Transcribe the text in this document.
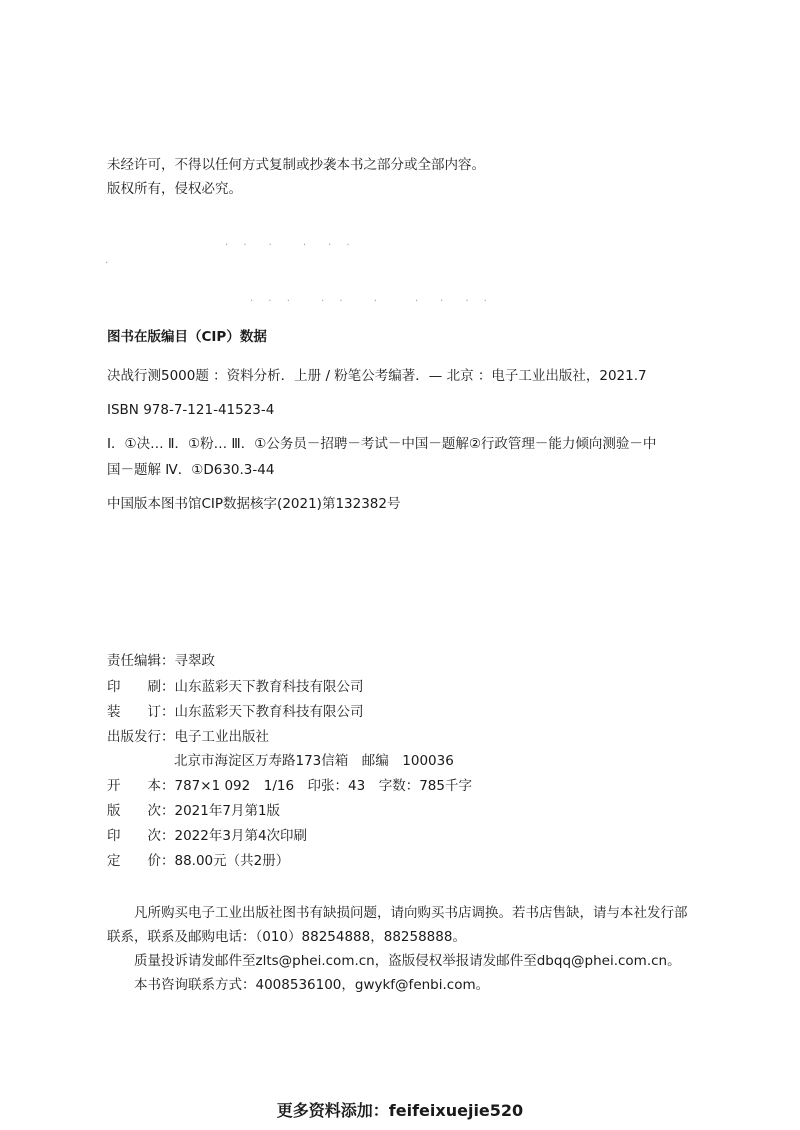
未经许可，不得以任何方式复制或抄袭本书之部分或全部内容。
版权所有，侵权必究。
· ·　·　 ·　· ·
·
· · ·　 · ·　 ·　　·　·　· ·
图书在版编目（CIP）数据
决战行测5000题 ：资料分析．上册 / 粉笔公考编著．— 北京 ：电子工业出版社，2021.7
ISBN 978-7-121-41523-4
Ⅰ．①决… Ⅱ．①粉… Ⅲ．①公务员－招聘－考试－中国－题解②行政管理－能力倾向测验－中
国－题解 Ⅳ．①D630.3-44
中国版本图书馆CIP数据核字(2021)第132382号
责任编辑：寻翠政
印　　刷：山东蓝彩天下教育科技有限公司
装　　订：山东蓝彩天下教育科技有限公司
出版发行：电子工业出版社
北京市海淀区万寿路173信箱　邮编　100036
开　　本：787×1 092　1/16　印张：43　字数：785千字
版　　次：2021年7月第1版
印　　次：2022年3月第4次印刷
定　　价：88.00元（共2册）
凡所购买电子工业出版社图书有缺损问题，请向购买书店调换。若书店售缺，请与本社发行部
联系，联系及邮购电话：（010）88254888，88258888。
质量投诉请发邮件至zlts@phei.com.cn，盗版侵权举报请发邮件至dbqq@phei.com.cn。
本书咨询联系方式：4008536100，gwykf@fenbi.com。
更多资料添加：feifeixuejie520
